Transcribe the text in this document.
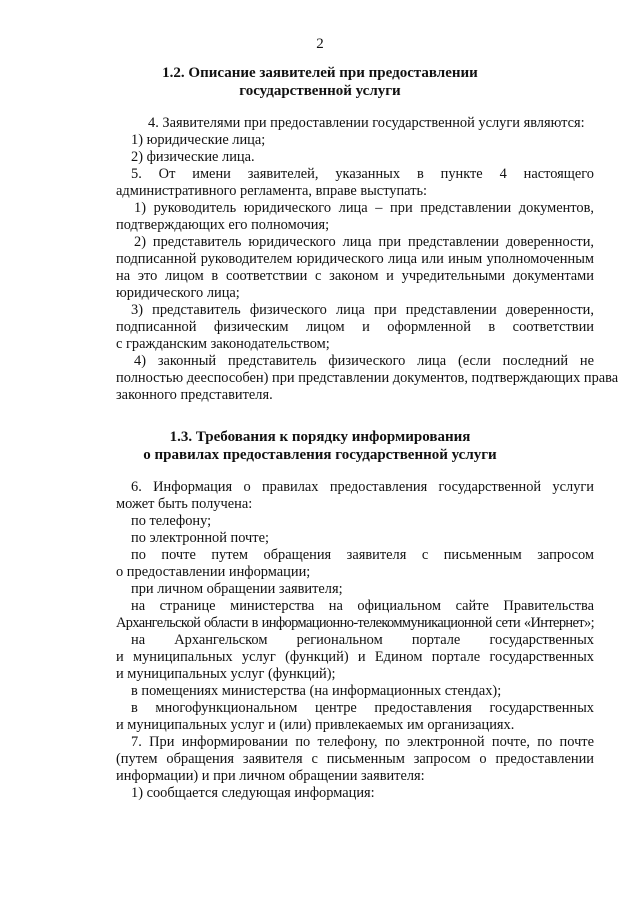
2
1.2. Описание заявителей при предоставлении
государственной услуги
4. Заявителями при предоставлении государственной услуги являются:
1) юридические лица;
2) физические лица.
5. От имени заявителей, указанных в пункте 4 настоящего
административного регламента, вправе выступать:
1) руководитель юридического лица – при представлении документов,
подтверждающих его полномочия;
2) представитель юридического лица при представлении доверенности,
подписанной руководителем юридического лица или иным уполномоченным
на это лицом в соответствии с законом и учредительными документами
юридического лица;
3) представитель физического лица при представлении доверенности,
подписанной физическим лицом и оформленной в соответствии
с гражданским законодательством;
4) законный представитель физического лица (если последний не
полностью дееспособен) при представлении документов, подтверждающих права
законного представителя.
1.3. Требования к порядку информирования
о правилах предоставления государственной услуги
6. Информация о правилах предоставления государственной услуги
может быть получена:
по телефону;
по электронной почте;
по почте путем обращения заявителя с письменным запросом
о предоставлении информации;
при личном обращении заявителя;
на странице министерства на официальном сайте Правительства
Архангельской области в информационно-телекоммуникационной сети «Интернет»;
на Архангельском региональном портале государственных
и муниципальных услуг (функций) и Едином портале государственных
и муниципальных услуг (функций);
в помещениях министерства (на информационных стендах);
в многофункциональном центре предоставления государственных
и муниципальных услуг и (или) привлекаемых им организациях.
7. При информировании по телефону, по электронной почте, по почте
(путем обращения заявителя с письменным запросом о предоставлении
информации) и при личном обращении заявителя:
1) сообщается следующая информация:
